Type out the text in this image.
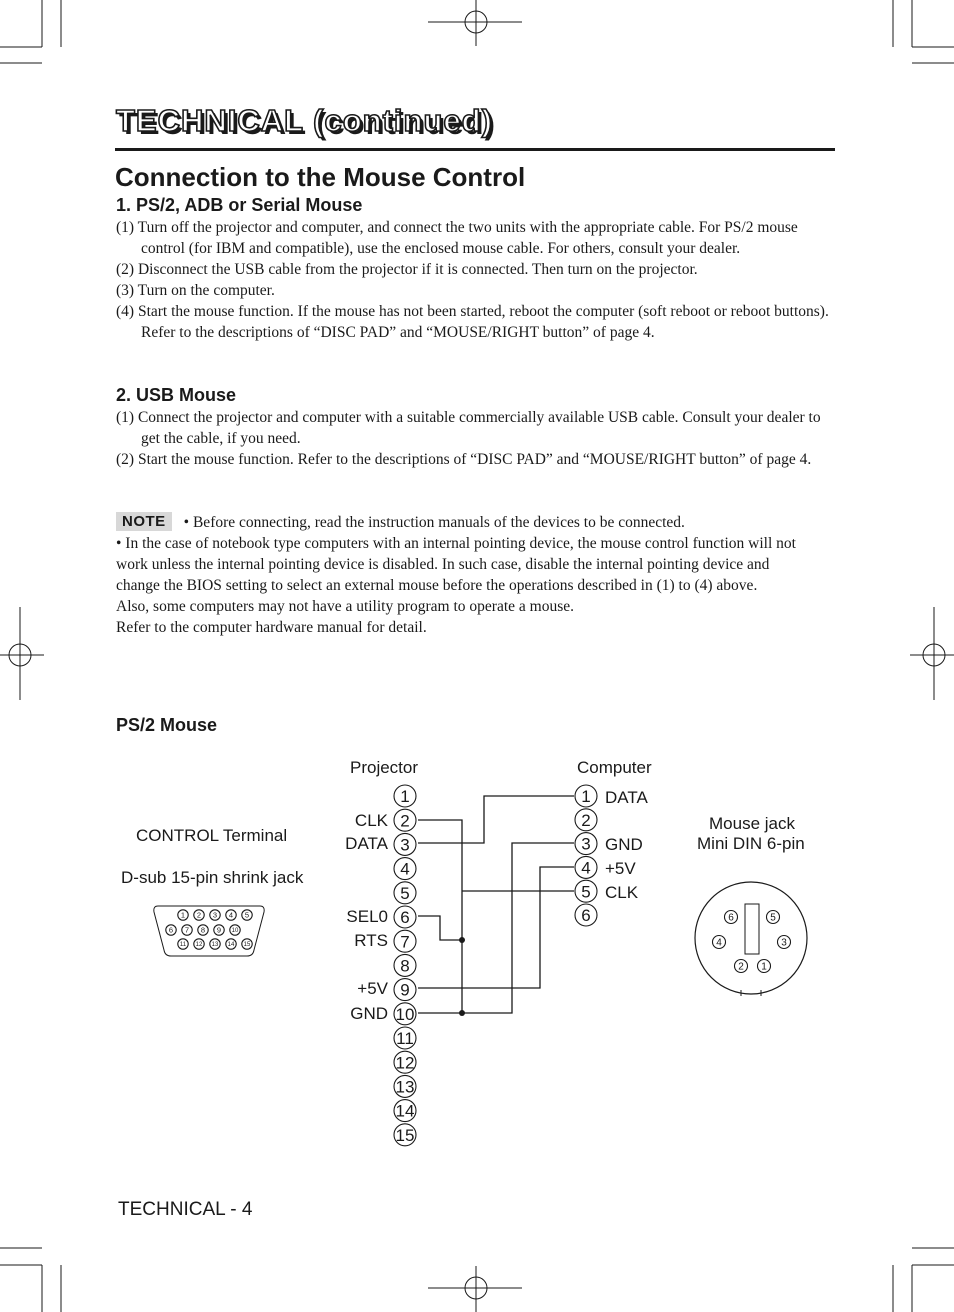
TECHNICAL (continued)
Connection to the Mouse Control
1. PS/2, ADB or Serial Mouse
(1) Turn off the projector and computer, and connect the two units with the appropriate cable. For PS/2 mouse control (for IBM and compatible), use the enclosed mouse cable. For others, consult your dealer.
(2) Disconnect the USB cable from the projector if it is connected. Then turn on the projector.
(3) Turn on the computer.
(4) Start the mouse function. If the mouse has not been started, reboot the computer (soft reboot or reboot buttons). Refer to the descriptions of “DISC PAD” and “MOUSE/RIGHT button” of page 4.
2. USB Mouse
(1) Connect the projector and computer with a suitable commercially available USB cable. Consult your dealer to get the cable, if you need.
(2) Start the mouse function. Refer to the descriptions of “DISC PAD” and “MOUSE/RIGHT button” of page 4.
NOTE • Before connecting, read the instruction manuals of the devices to be connected.
• In the case of notebook type computers with an internal pointing device, the mouse control function will not work unless the internal pointing device is disabled. In such case, disable the internal pointing device and change the BIOS setting to select an external mouse before the operations described in (1) to (4) above.
Also, some computers may not have a utility program to operate a mouse.
Refer to the computer hardware manual for detail.
PS/2 Mouse
CONTROL Terminal
D-sub 15-pin shrink jack
Projector	Computer
Mouse jack
Mini DIN 6-pin
1 2 3 4 5
6 7 8 9 10
11 12 13 14 15
1
2
3
4
5
6
7
8
9
10
11
12
13
14
15
1
2
3
4
5
6
CLK
DATA
SEL0
RTS
+5V
GND
DATA
GND
+5V
CLK
6	5
4	3
2 1
TECHNICAL - 4
